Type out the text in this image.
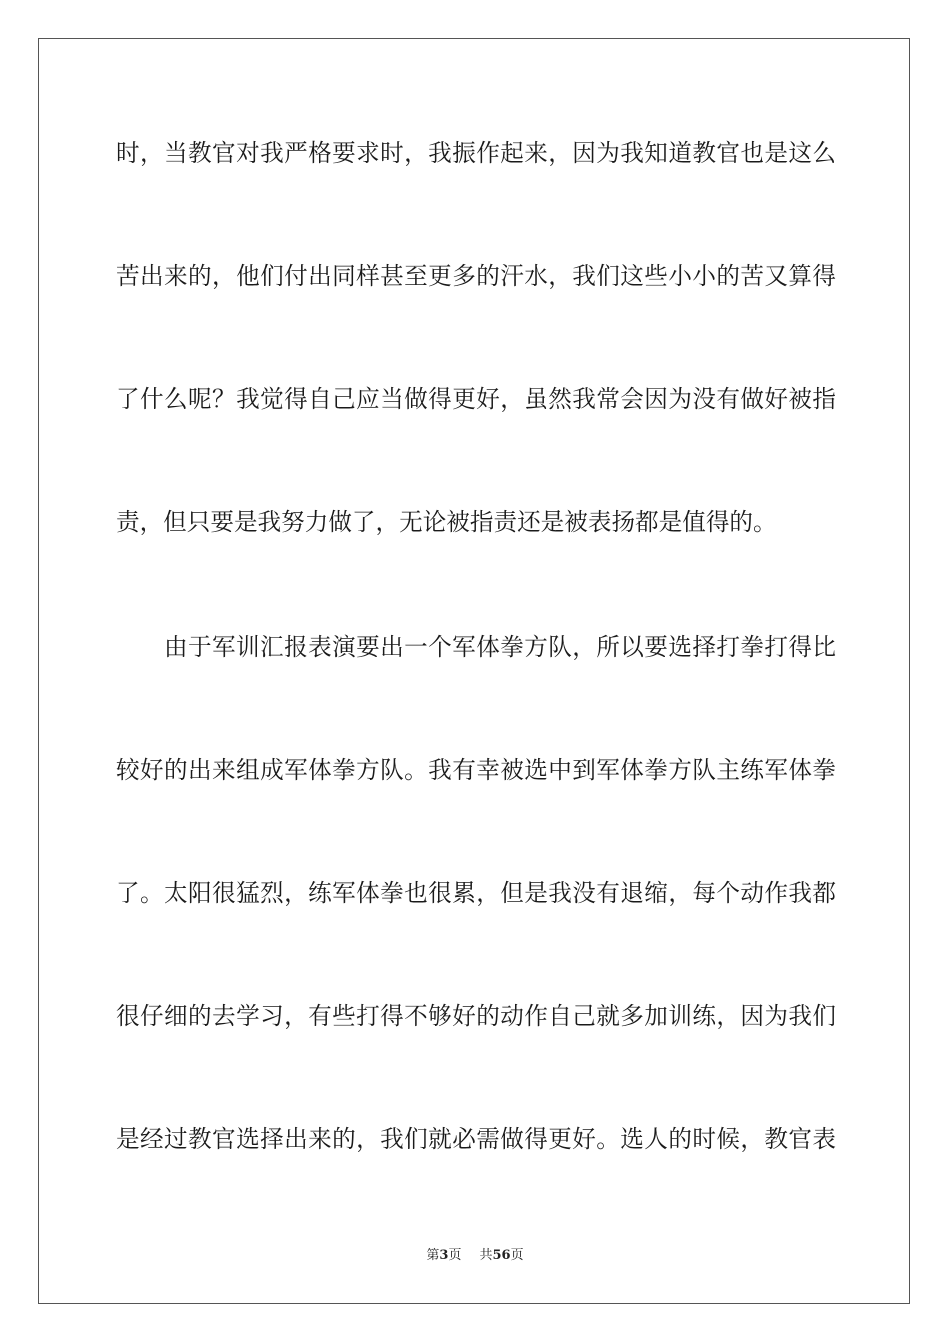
时，当教官对我严格要求时，我振作起来，因为我知道教官也是这么
苦出来的，他们付出同样甚至更多的汗水，我们这些小小的苦又算得
了什么呢？我觉得自己应当做得更好，虽然我常会因为没有做好被指
责，但只要是我努力做了，无论被指责还是被表扬都是值得的。
由于军训汇报表演要出一个军体拳方队，所以要选择打拳打得比
较好的出来组成军体拳方队。我有幸被选中到军体拳方队主练军体拳
了。太阳很猛烈，练军体拳也很累，但是我没有退缩，每个动作我都
很仔细的去学习，有些打得不够好的动作自己就多加训练，因为我们
是经过教官选择出来的，我们就必需做得更好。选人的时候，教官表
第3页 共56页
